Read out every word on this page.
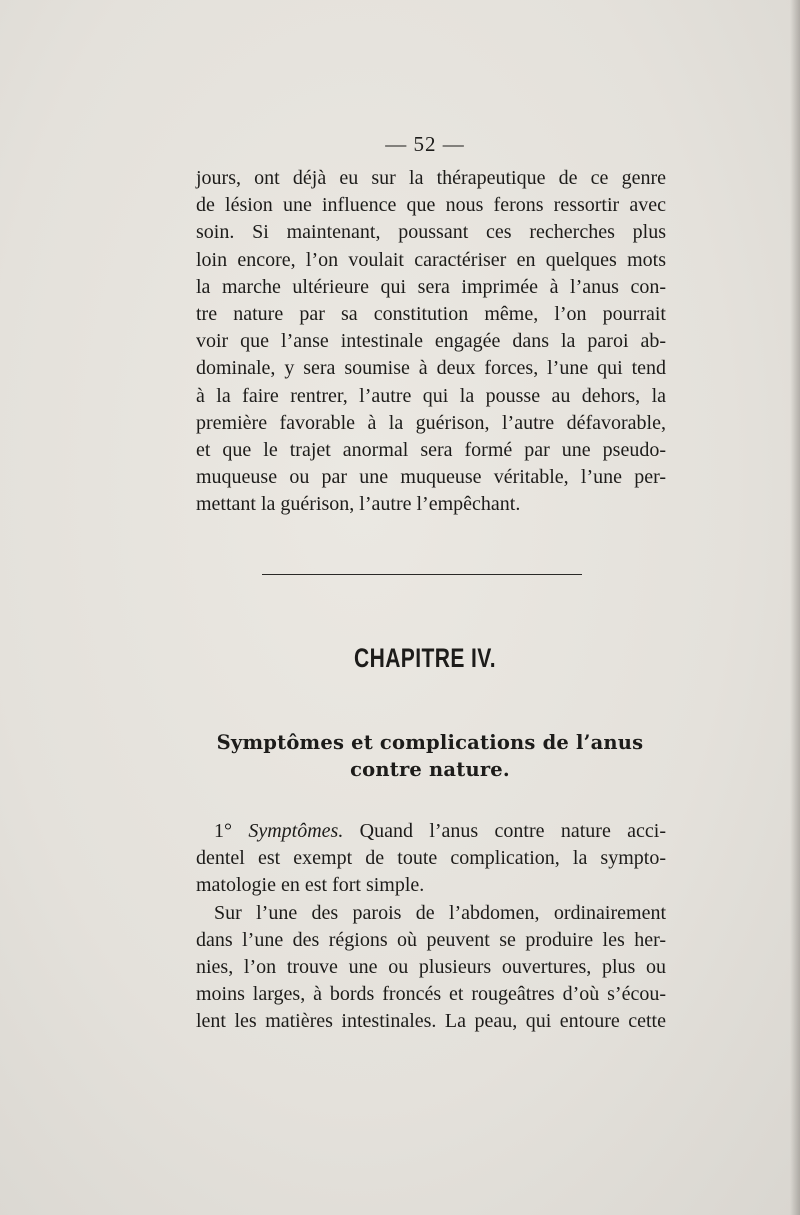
— 52 —
jours, ont déjà eu sur la thérapeutique de ce genre
de lésion une influence que nous ferons ressortir avec
soin. Si maintenant, poussant ces recherches plus
loin encore, l’on voulait caractériser en quelques mots
la marche ultérieure qui sera imprimée à l’anus con-
tre nature par sa constitution même, l’on pourrait
voir que l’anse intestinale engagée dans la paroi ab-
dominale, y sera soumise à deux forces, l’une qui tend
à la faire rentrer, l’autre qui la pousse au dehors, la
première favorable à la guérison, l’autre défavorable,
et que le trajet anormal sera formé par une pseudo-
muqueuse ou par une muqueuse véritable, l’une per-
mettant la guérison, l’autre l’empêchant.
CHAPITRE IV.
Symptômes et complications de l’anus
contre nature.
1° Symptômes. Quand l’anus contre nature acci-
dentel est exempt de toute complication, la sympto-
matologie en est fort simple.
Sur l’une des parois de l’abdomen, ordinairement
dans l’une des régions où peuvent se produire les her-
nies, l’on trouve une ou plusieurs ouvertures, plus ou
moins larges, à bords froncés et rougeâtres d’où s’écou-
lent les matières intestinales. La peau, qui entoure cette
